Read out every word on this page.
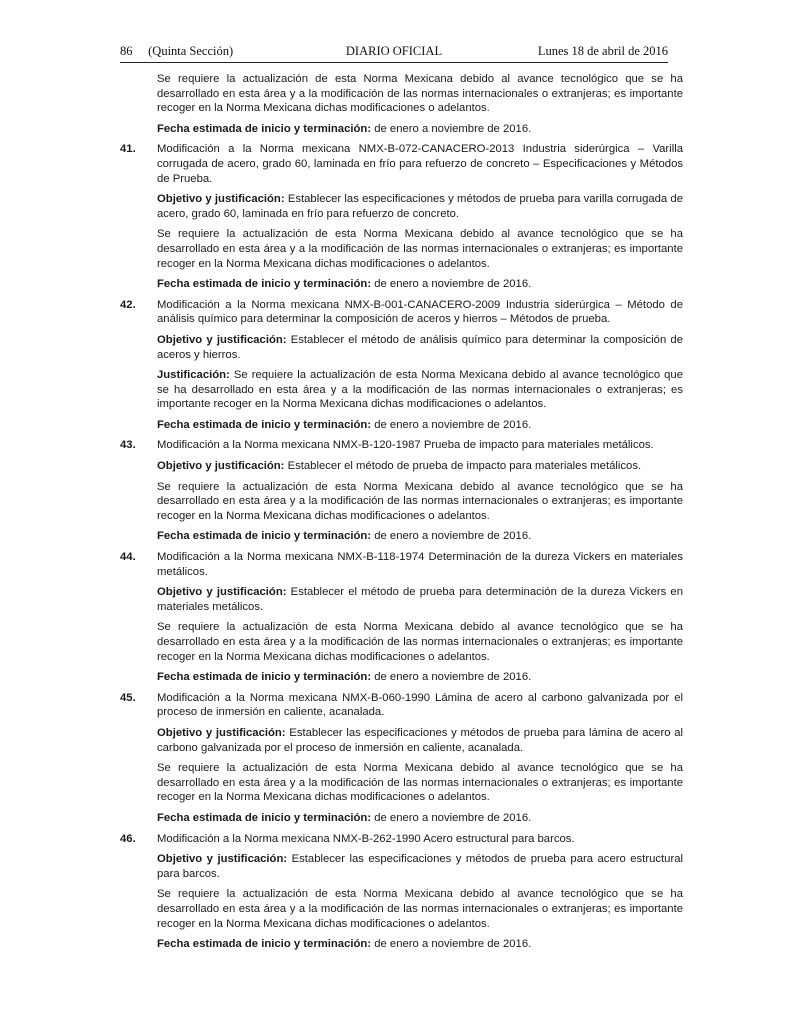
86     (Quinta Sección)	DIARIO OFICIAL	Lunes 18 de abril de 2016

Se requiere la actualización de esta Norma Mexicana debido al avance tecnológico que se ha desarrollado en esta área y a la modificación de las normas internacionales o extranjeras; es importante recoger en la Norma Mexicana dichas modificaciones o adelantos.

Fecha estimada de inicio y terminación: de enero a noviembre de 2016.

41. Modificación a la Norma mexicana NMX-B-072-CANACERO-2013 Industria siderúrgica – Varilla corrugada de acero, grado 60, laminada en frío para refuerzo de concreto – Especificaciones y Métodos de Prueba.

Objetivo y justificación: Establecer las especificaciones y métodos de prueba para varilla corrugada de acero, grado 60, laminada en frío para refuerzo de concreto.

Se requiere la actualización de esta Norma Mexicana debido al avance tecnológico que se ha desarrollado en esta área y a la modificación de las normas internacionales o extranjeras; es importante recoger en la Norma Mexicana dichas modificaciones o adelantos.

Fecha estimada de inicio y terminación: de enero a noviembre de 2016.

42. Modificación a la Norma mexicana NMX-B-001-CANACERO-2009 Industria siderúrgica – Método de análisis químico para determinar la composición de aceros y hierros – Métodos de prueba.

Objetivo y justificación: Establecer el método de análisis químico para determinar la composición de aceros y hierros.

Justificación: Se requiere la actualización de esta Norma Mexicana debido al avance tecnológico que se ha desarrollado en esta área y a la modificación de las normas internacionales o extranjeras; es importante recoger en la Norma Mexicana dichas modificaciones o adelantos.

Fecha estimada de inicio y terminación: de enero a noviembre de 2016.

43. Modificación a la Norma mexicana NMX-B-120-1987 Prueba de impacto para materiales metálicos.

Objetivo y justificación: Establecer el método de prueba de impacto para materiales metálicos.

Se requiere la actualización de esta Norma Mexicana debido al avance tecnológico que se ha desarrollado en esta área y a la modificación de las normas internacionales o extranjeras; es importante recoger en la Norma Mexicana dichas modificaciones o adelantos.

Fecha estimada de inicio y terminación: de enero a noviembre de 2016.

44. Modificación a la Norma mexicana NMX-B-118-1974 Determinación de la dureza Vickers en materiales metálicos.

Objetivo y justificación: Establecer el método de prueba para determinación de la dureza Vickers en materiales metálicos.

Se requiere la actualización de esta Norma Mexicana debido al avance tecnológico que se ha desarrollado en esta área y a la modificación de las normas internacionales o extranjeras; es importante recoger en la Norma Mexicana dichas modificaciones o adelantos.

Fecha estimada de inicio y terminación: de enero a noviembre de 2016.

45. Modificación a la Norma mexicana NMX-B-060-1990 Lámina de acero al carbono galvanizada por el proceso de inmersión en caliente, acanalada.

Objetivo y justificación: Establecer las especificaciones y métodos de prueba para lámina de acero al carbono galvanizada por el proceso de inmersión en caliente, acanalada.

Se requiere la actualización de esta Norma Mexicana debido al avance tecnológico que se ha desarrollado en esta área y a la modificación de las normas internacionales o extranjeras; es importante recoger en la Norma Mexicana dichas modificaciones o adelantos.

Fecha estimada de inicio y terminación: de enero a noviembre de 2016.

46. Modificación a la Norma mexicana NMX-B-262-1990 Acero estructural para barcos.

Objetivo y justificación: Establecer las especificaciones y métodos de prueba para acero estructural para barcos.

Se requiere la actualización de esta Norma Mexicana debido al avance tecnológico que se ha desarrollado en esta área y a la modificación de las normas internacionales o extranjeras; es importante recoger en la Norma Mexicana dichas modificaciones o adelantos.

Fecha estimada de inicio y terminación: de enero a noviembre de 2016.
